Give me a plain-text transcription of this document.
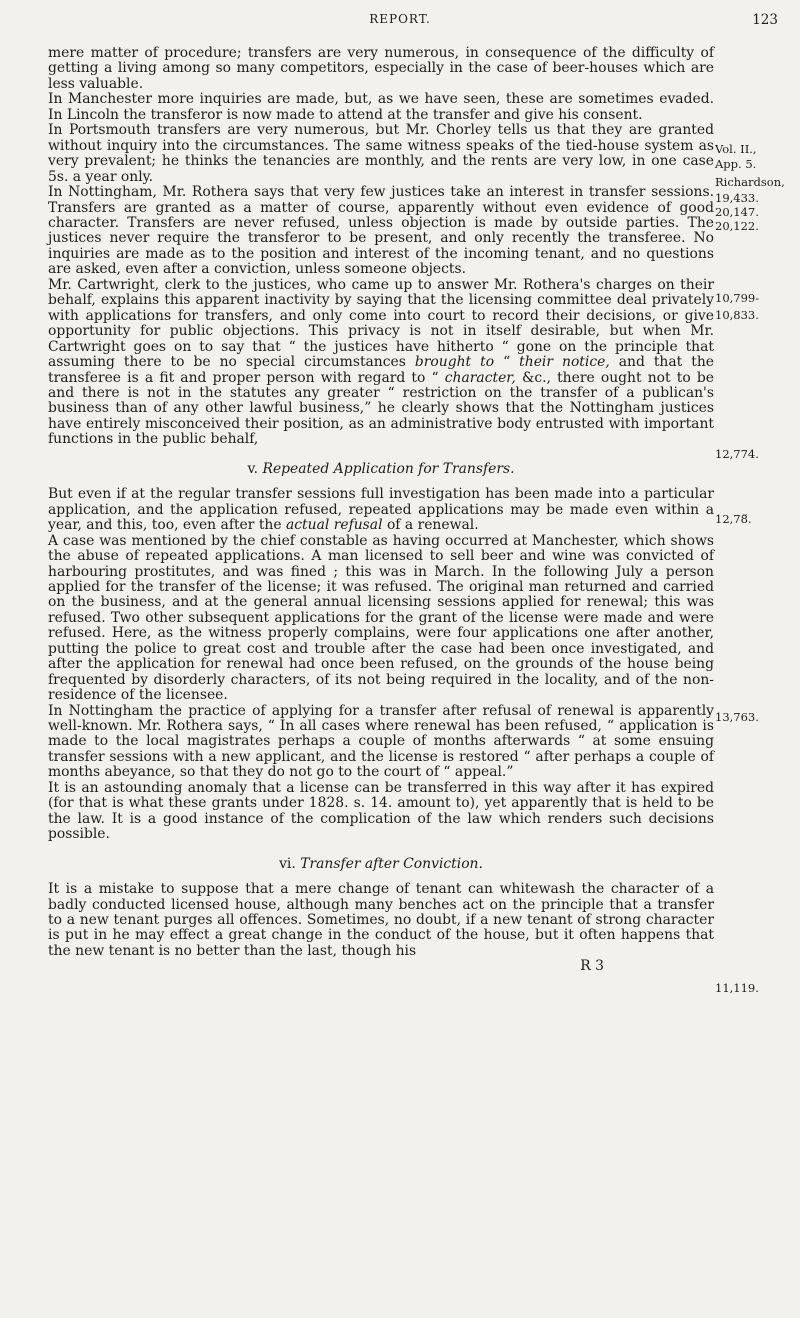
REPORT.	123

mere matter of procedure; transfers are very numerous, in consequence of the difficulty of getting a living among so many competitors, especially in the case of beer-houses which are less valuable.

In Manchester more inquiries are made, but, as we have seen, these are sometimes evaded. In Lincoln the transferor is now made to attend at the transfer and give his consent.

In Portsmouth transfers are very numerous, but Mr. Chorley tells us that they are granted without inquiry into the circumstances. The same witness speaks of the tied-house system as very prevalent; he thinks the tenancies are monthly, and the rents are very low, in one case 5s. a year only.

In Nottingham, Mr. Rothera says that very few justices take an interest in transfer sessions. Transfers are granted as a matter of course, apparently without even evidence of good character. Transfers are never refused, unless objection is made by outside parties. The justices never require the transferor to be present, and only recently the transferee. No inquiries are made as to the position and interest of the incoming tenant, and no questions are asked, even after a conviction, unless someone objects.

Mr. Cartwright, clerk to the justices, who came up to answer Mr. Rothera's charges on their behalf, explains this apparent inactivity by saying that the licensing committee deal privately with applications for transfers, and only come into court to record their decisions, or give opportunity for public objections. This privacy is not in itself desirable, but when Mr. Cartwright goes on to say that “ the justices have hitherto “ gone on the principle that assuming there to be no special circumstances brought to “ their notice, and that the transferee is a fit and proper person with regard to “ character, &c., there ought not to be and there is not in the statutes any greater “ restriction on the transfer of a publican's business than of any other lawful business,” he clearly shows that the Nottingham justices have entirely misconceived their position, as an administrative body entrusted with important functions in the public behalf,

v. Repeated Application for Transfers.

But even if at the regular transfer sessions full investigation has been made into a particular application, and the application refused, repeated applications may be made even within a year, and this, too, even after the actual refusal of a renewal.

A case was mentioned by the chief constable as having occurred at Manchester, which shows the abuse of repeated applications. A man licensed to sell beer and wine was convicted of harbouring prostitutes, and was fined ; this was in March. In the following July a person applied for the transfer of the license; it was refused. The original man returned and carried on the business, and at the general annual licensing sessions applied for renewal; this was refused. Two other subsequent applications for the grant of the license were made and were refused. Here, as the witness properly complains, were four applications one after another, putting the police to great cost and trouble after the case had been once investigated, and after the application for renewal had once been refused, on the grounds of the house being frequented by disorderly characters, of its not being required in the locality, and of the non-residence of the licensee.

In Nottingham the practice of applying for a transfer after refusal of renewal is apparently well-known. Mr. Rothera says, “ In all cases where renewal has been refused, “ application is made to the local magistrates perhaps a couple of months afterwards “ at some ensuing transfer sessions with a new applicant, and the license is restored “ after perhaps a couple of months abeyance, so that they do not go to the court of “ appeal.”

It is an astounding anomaly that a license can be transferred in this way after it has expired (for that is what these grants under 1828. s. 14. amount to), yet apparently that is held to be the law. It is a good instance of the complication of the law which renders such decisions possible.

vi. Transfer after Conviction.

It is a mistake to suppose that a mere change of tenant can whitewash the character of a badly conducted licensed house, although many benches act on the principle that a transfer to a new tenant purges all offences. Sometimes, no doubt, if a new tenant of strong character is put in he may effect a great change in the conduct of the house, but it often happens that the new tenant is no better than the last, though his

R 3
Vol. II.,
App. 5.
Richardson,
19,433.
20,147.
20,122.
10,799-
10,833.
12,774.
12,78̆.
13,763.
11,119.
